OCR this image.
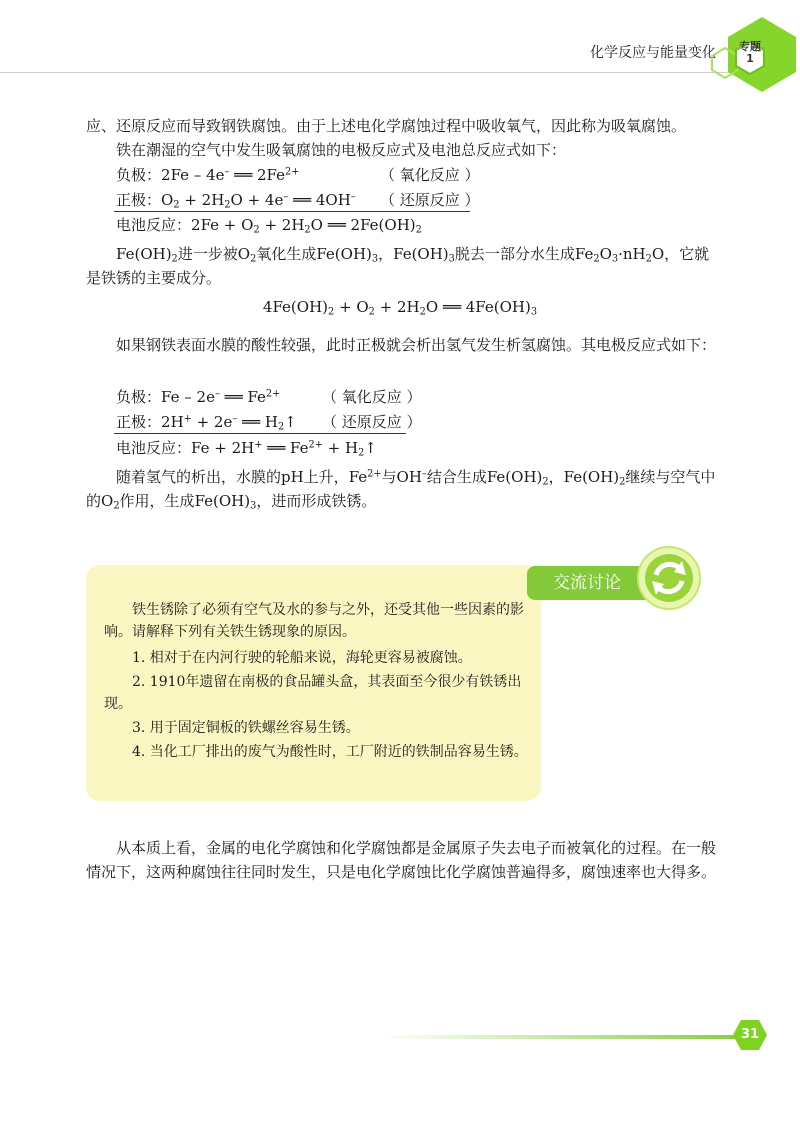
化学反应与能量变化	专题
1

应、还原反应而导致钢铁腐蚀。由于上述电化学腐蚀过程中吸收氧气，因此称为吸氧腐蚀。

铁在潮湿的空气中发生吸氧腐蚀的电极反应式及电池总反应式如下：

负极：2Fe – 4e– ══ $2Fe^{2+}$	（ 氧化反应 ）
正极：$O_2 + 2H_2O + 4e^-$ ══ 4OH– （ 还原反应 ）
电池反应：$2Fe + O_2 + 2H_2O$ ══ $2Fe(OH)_2$

$Fe(OH)_2$进一步被$O_2$氧化生成$Fe(OH)_3$，$Fe(OH)_3$脱去一部分水生成$Fe_2O_3\cdot nH_2O$，它就是铁锈的主要成分。

$4Fe(OH)_2 + O_2 + 2H_2O$ ══ $4Fe(OH)_3$

如果钢铁表面水膜的酸性较强，此时正极就会析出氢气发生析氢腐蚀。其电极反应式如下：

负极：Fe – 2e– ══ $Fe^{2+}$	（ 氧化反应 ）
正极：2H+ + 2e– ══ $H_2↑$ （ 还原反应 ）
电池反应：Fe + 2H+ ══ $Fe^{2+}$ + $H_2↑$

随着氢气的析出，水膜的pH上升，$Fe^{2+}$与OH–结合生成$Fe(OH)_2$，$Fe(OH)_2$继续与空气中的$O_2$作用，生成$Fe(OH)_3$，进而形成铁锈。

交流讨论

铁生锈除了必须有空气及水的参与之外，还受其他一些因素的影响。请解释下列有关铁生锈现象的原因。

1. 相对于在内河行驶的轮船来说，海轮更容易被腐蚀。

2. 1910年遗留在南极的食品罐头盒，其表面至今很少有铁锈出现。

3. 用于固定铜板的铁螺丝容易生锈。

4. 当化工厂排出的废气为酸性时，工厂附近的铁制品容易生锈。

从本质上看，金属的电化学腐蚀和化学腐蚀都是金属原子失去电子而被氧化的过程。在一般情况下，这两种腐蚀往往同时发生，只是电化学腐蚀比化学腐蚀普遍得多，腐蚀速率也大得多。

31
